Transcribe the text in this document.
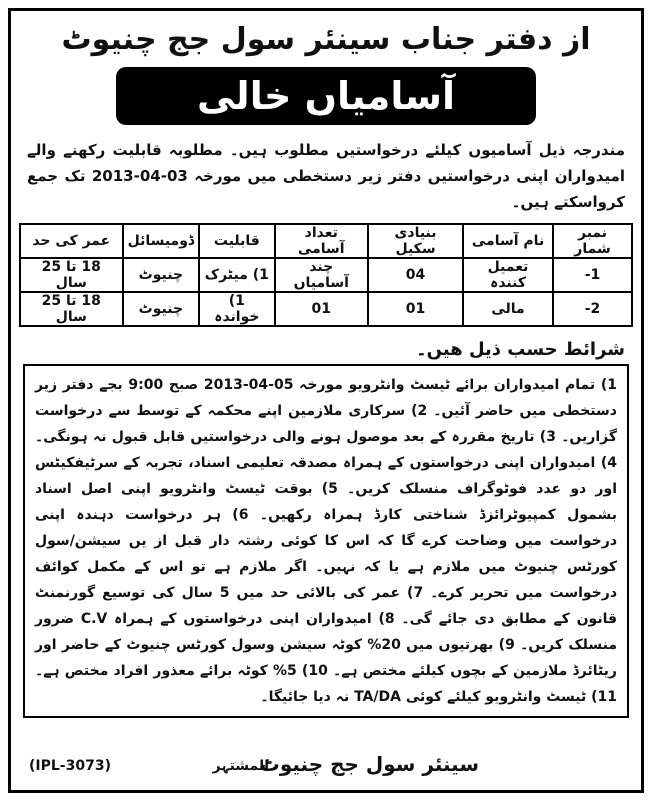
از دفتر جناب سینئر سول جج چنیوٹ
آسامیاں خالی
مندرجہ ذیل آسامیوں کیلئے درخواستیں مطلوب ہیں۔ مطلوبہ قابلیت رکھنے والے امیدواران اپنی درخواستیں دفتر زیر دستخطی میں مورخہ 03-04-2013 تک جمع کرواسکتے ہیں۔
نمبر شمار	نام آسامی	بنیادی سکیل	تعداد آسامی	قابلیت	ڈومیسائل	عمر کی حد
1-	تعمیل کنندہ	04	چند آسامیاں	1) میٹرک	چنیوٹ	18 تا 25 سال
2-	مالی	01	01	1) خواندہ	چنیوٹ	18 تا 25 سال
شرائط حسب ذیل ھیں۔
1) تمام امیدواران برائے ٹیسٹ وانٹرویو مورخہ 05-04-2013 صبح 9:00 بجے دفتر زیر دستخطی میں حاضر آئیں۔ 2) سرکاری ملازمین اپنے محکمہ کے توسط سے درخواست گزاریں۔ 3) تاریخ مقررہ کے بعد موصول ہونے والی درخواستیں قابل قبول نہ ہونگی۔ 4) امیدواران اپنی درخواستوں کے ہمراہ مصدقہ تعلیمی اسناد، تجربہ کے سرٹیفکیٹس اور دو عدد فوٹوگراف منسلک کریں۔ 5) بوقت ٹیسٹ وانٹرویو اپنی اصل اسناد بشمول کمپیوٹرائزڈ شناختی کارڈ ہمراہ رکھیں۔ 6) ہر درخواست دہندہ اپنی درخواست میں وضاحت کرے گا کہ اس کا کوئی رشتہ دار قبل از یں سیشن/سول کورٹس چنیوٹ میں ملازم ہے یا کہ نہیں۔ اگر ملازم ہے تو اس کے مکمل کوائف درخواست میں تحریر کرے۔ 7) عمر کی بالائی حد میں 5 سال کی توسیع گورنمنٹ قانون کے مطابق دی جائے گی۔ 8) امیدواران اپنی درخواستوں کے ہمراہ C.V ضرور منسلک کریں۔ 9) بھرتیوں میں 20% کوٹہ سیشن وسول کورٹس چنیوٹ کے حاضر اور ریٹائرڈ ملازمین کے بچوں کیلئے مختص ہے۔ 10) 5% کوٹہ برائے معذور افراد مختص ہے۔ 11) ٹیسٹ وانٹرویو کیلئے کوئی TA/DA نہ دیا جائیگا۔
سینئر سول جج چنیوٹ
المشتہر
(IPL-3073)
